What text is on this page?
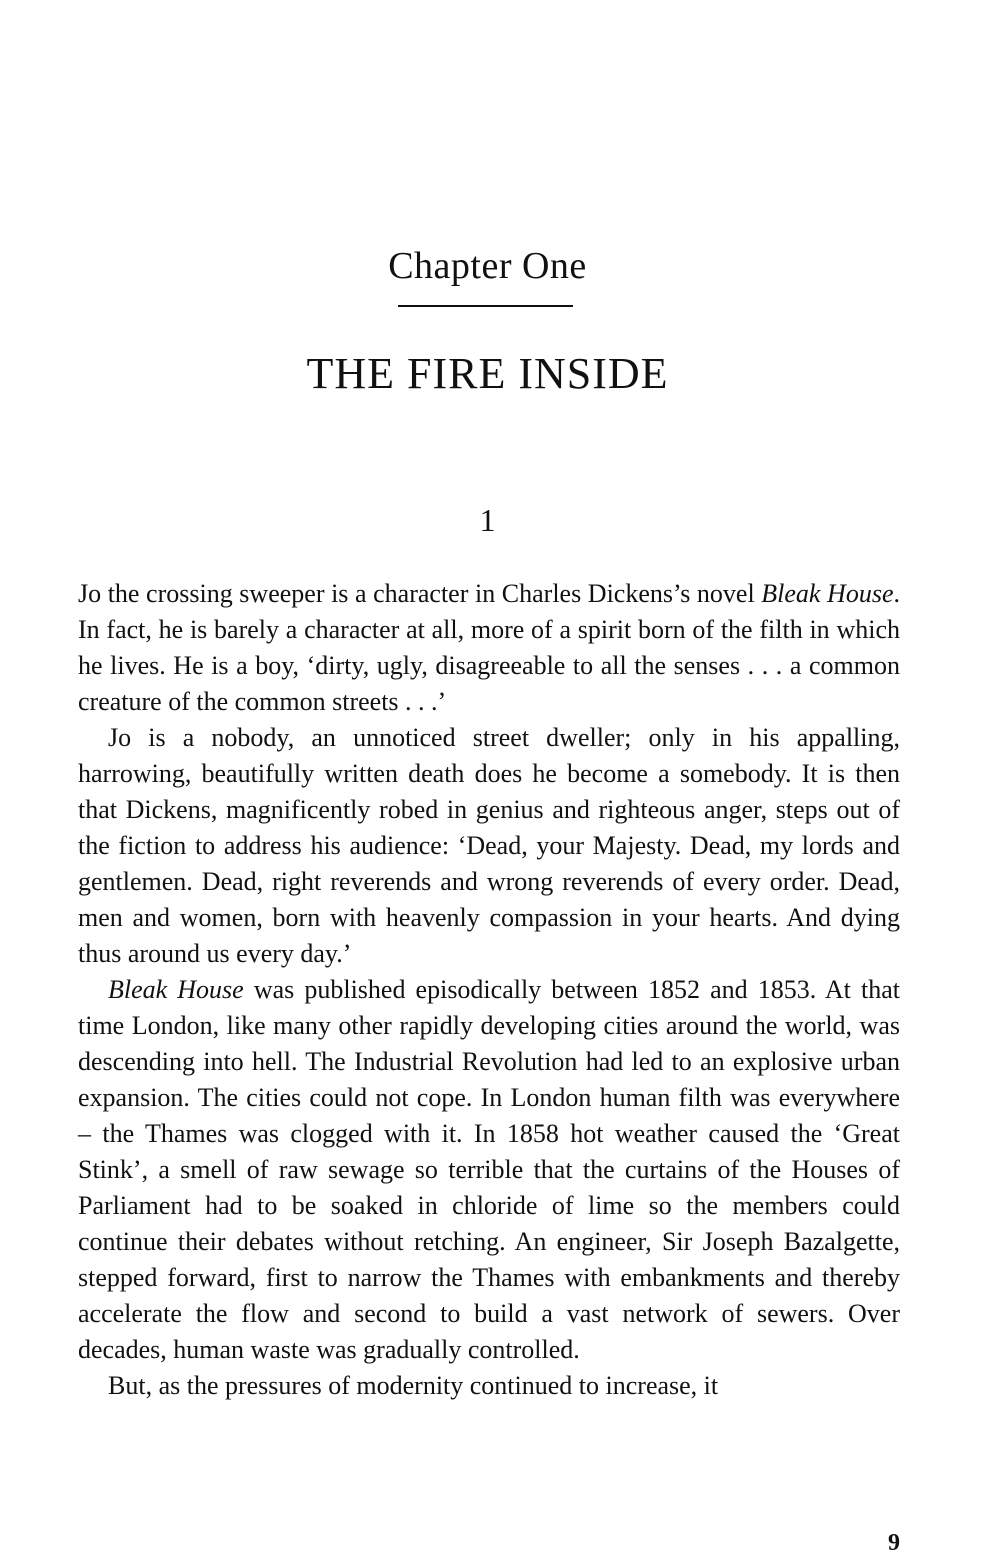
Chapter One
THE FIRE INSIDE
1

Jo the crossing sweeper is a character in Charles Dickens’s novel Bleak House. In fact, he is barely a character at all, more of a spirit born of the filth in which he lives. He is a boy, ‘dirty, ugly, disagreeable to all the senses . . . a common creature of the common streets . . .’

Jo is a nobody, an unnoticed street dweller; only in his appalling, harrowing, beautifully written death does he become a somebody. It is then that Dickens, magnificently robed in genius and righteous anger, steps out of the fiction to address his audience: ‘Dead, your Majesty. Dead, my lords and gentlemen. Dead, right reverends and wrong reverends of every order. Dead, men and women, born with heavenly compassion in your hearts. And dying thus around us every day.’

Bleak House was published episodically between 1852 and 1853. At that time London, like many other rapidly developing cities around the world, was descending into hell. The Industrial Revolution had led to an explosive urban expansion. The cities could not cope. In London human filth was everywhere – the Thames was clogged with it. In 1858 hot weather caused the ‘Great Stink’, a smell of raw sewage so terrible that the curtains of the Houses of Parliament had to be soaked in chloride of lime so the members could continue their debates without retching. An engineer, Sir Joseph Bazalgette, stepped forward, first to narrow the Thames with embankments and thereby accelerate the flow and second to build a vast network of sewers. Over decades, human waste was gradually controlled.

But, as the pressures of modernity continued to increase, it

9
